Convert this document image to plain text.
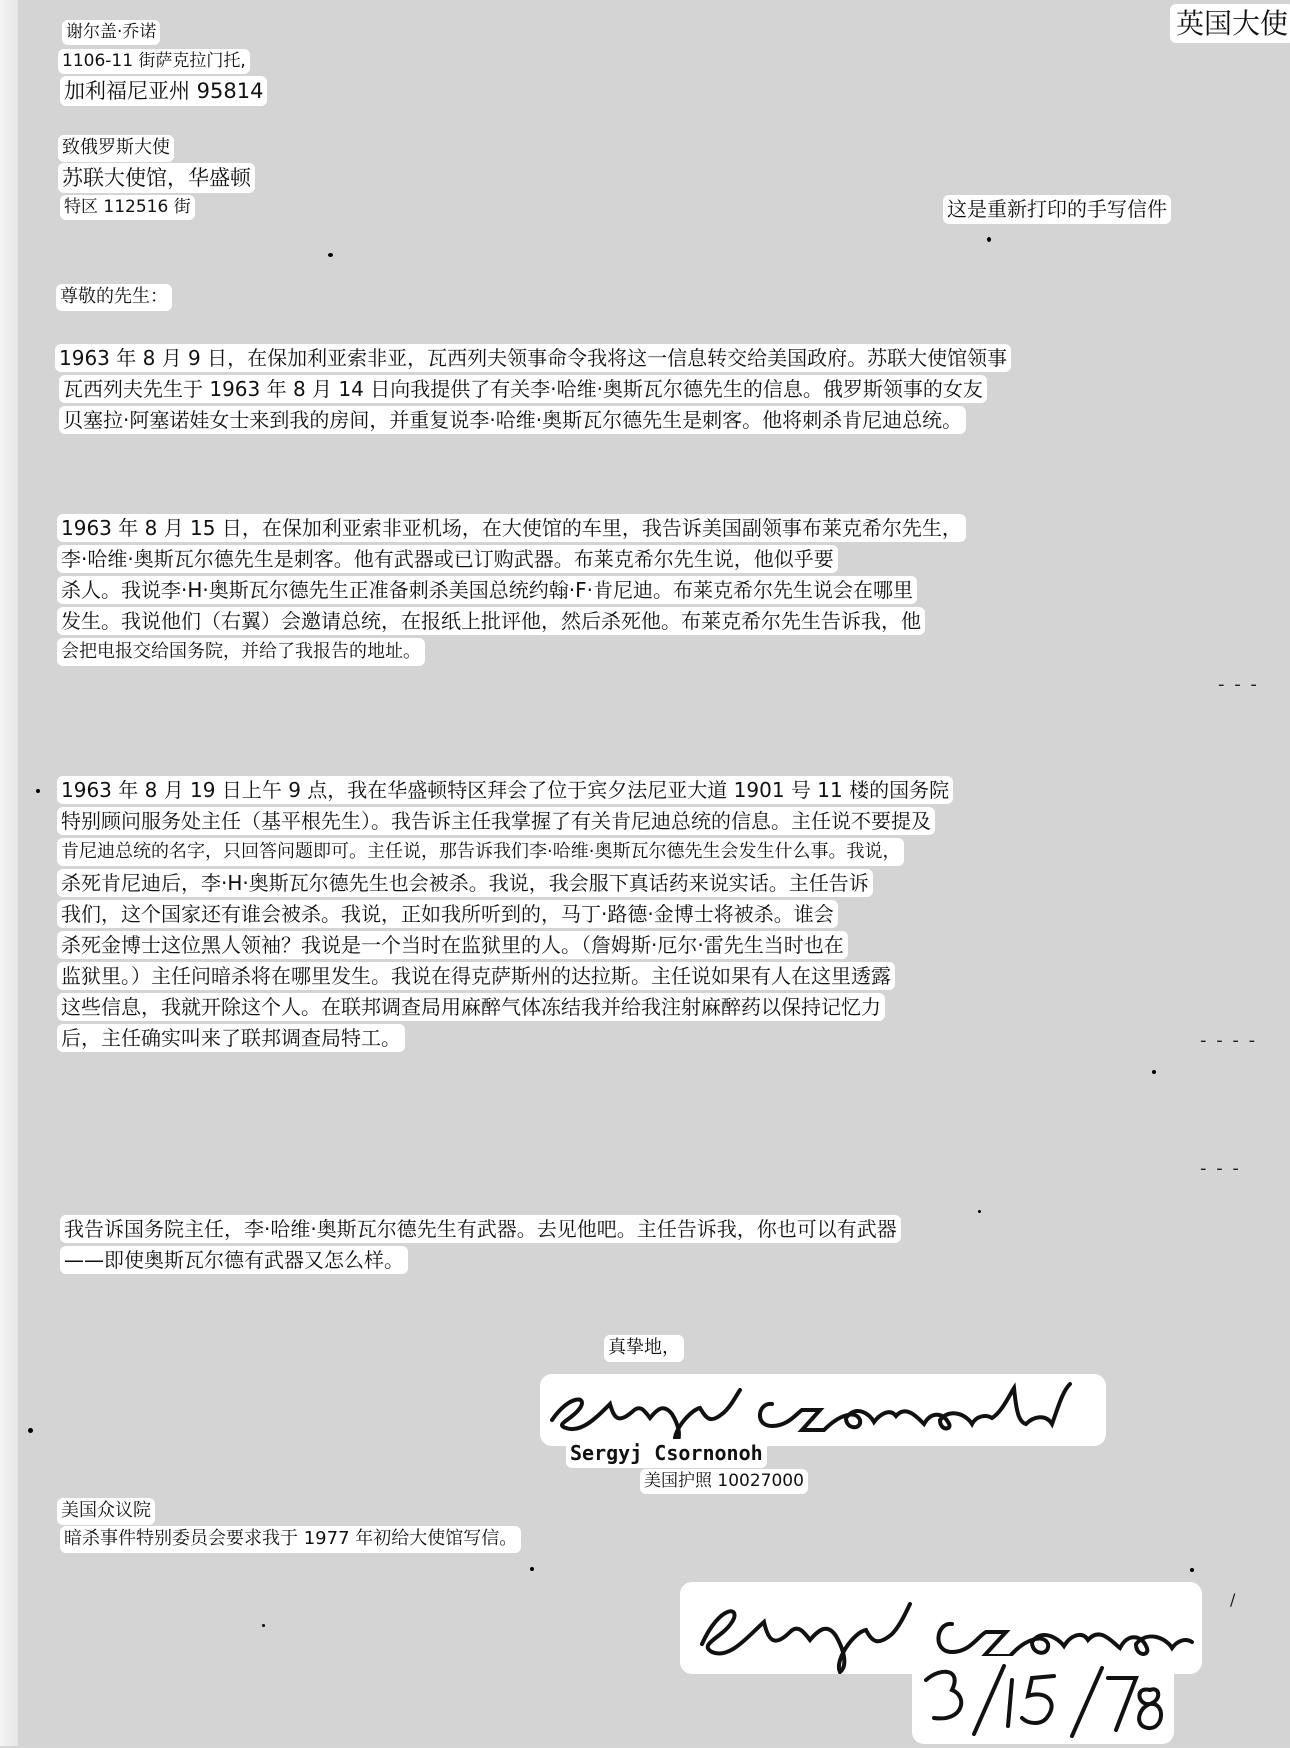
- - -
- - - -
- - -
英国大使
谢尔盖·乔诺
1106-11 街萨克拉门托,
加利福尼亚州 95814
致俄罗斯大使
苏联大使馆，华盛顿
特区 112516 街	这是重新打印的手写信件
尊敬的先生：
1963 年 8 月 9 日，在保加利亚索非亚，瓦西列夫领事命令我将这一信息转交给美国政府。苏联大使馆领事
瓦西列夫先生于 1963 年 8 月 14 日向我提供了有关李·哈维·奥斯瓦尔德先生的信息。俄罗斯领事的女友
贝塞拉·阿塞诺娃女士来到我的房间，并重复说李·哈维·奥斯瓦尔德先生是刺客。他将刺杀肯尼迪总统。
1963 年 8 月 15 日，在保加利亚索非亚机场，在大使馆的车里，我告诉美国副领事布莱克希尔先生，
李·哈维·奥斯瓦尔德先生是刺客。他有武器或已订购武器。布莱克希尔先生说，他似乎要
杀人。我说李·H·奥斯瓦尔德先生正准备刺杀美国总统约翰·F·肯尼迪。布莱克希尔先生说会在哪里
发生。我说他们（右翼）会邀请总统，在报纸上批评他，然后杀死他。布莱克希尔先生告诉我，他
会把电报交给国务院，并给了我报告的地址。
1963 年 8 月 19 日上午 9 点，我在华盛顿特区拜会了位于宾夕法尼亚大道 1901 号 11 楼的国务院
特别顾问服务处主任（基平根先生）。我告诉主任我掌握了有关肯尼迪总统的信息。主任说不要提及
肯尼迪总统的名字，只回答问题即可。主任说，那告诉我们李·哈维·奥斯瓦尔德先生会发生什么事。我说，
杀死肯尼迪后，李·H·奥斯瓦尔德先生也会被杀。我说，我会服下真话药来说实话。主任告诉
我们，这个国家还有谁会被杀。我说，正如我所听到的，马丁·路德·金博士将被杀。谁会
杀死金博士这位黑人领袖？我说是一个当时在监狱里的人。（詹姆斯·厄尔·雷先生当时也在
监狱里。）主任问暗杀将在哪里发生。我说在得克萨斯州的达拉斯。主任说如果有人在这里透露
这些信息，我就开除这个人。在联邦调查局用麻醉气体冻结我并给我注射麻醉药以保持记忆力
后，主任确实叫来了联邦调查局特工。
我告诉国务院主任，李·哈维·奥斯瓦尔德先生有武器。去见他吧。主任告诉我，你也可以有武器
——即使奥斯瓦尔德有武器又怎么样。
真挚地，
Sergyj Csornonoh
美国护照 10027000
美国众议院
暗杀事件特别委员会要求我于 1977 年初给大使馆写信。
/
